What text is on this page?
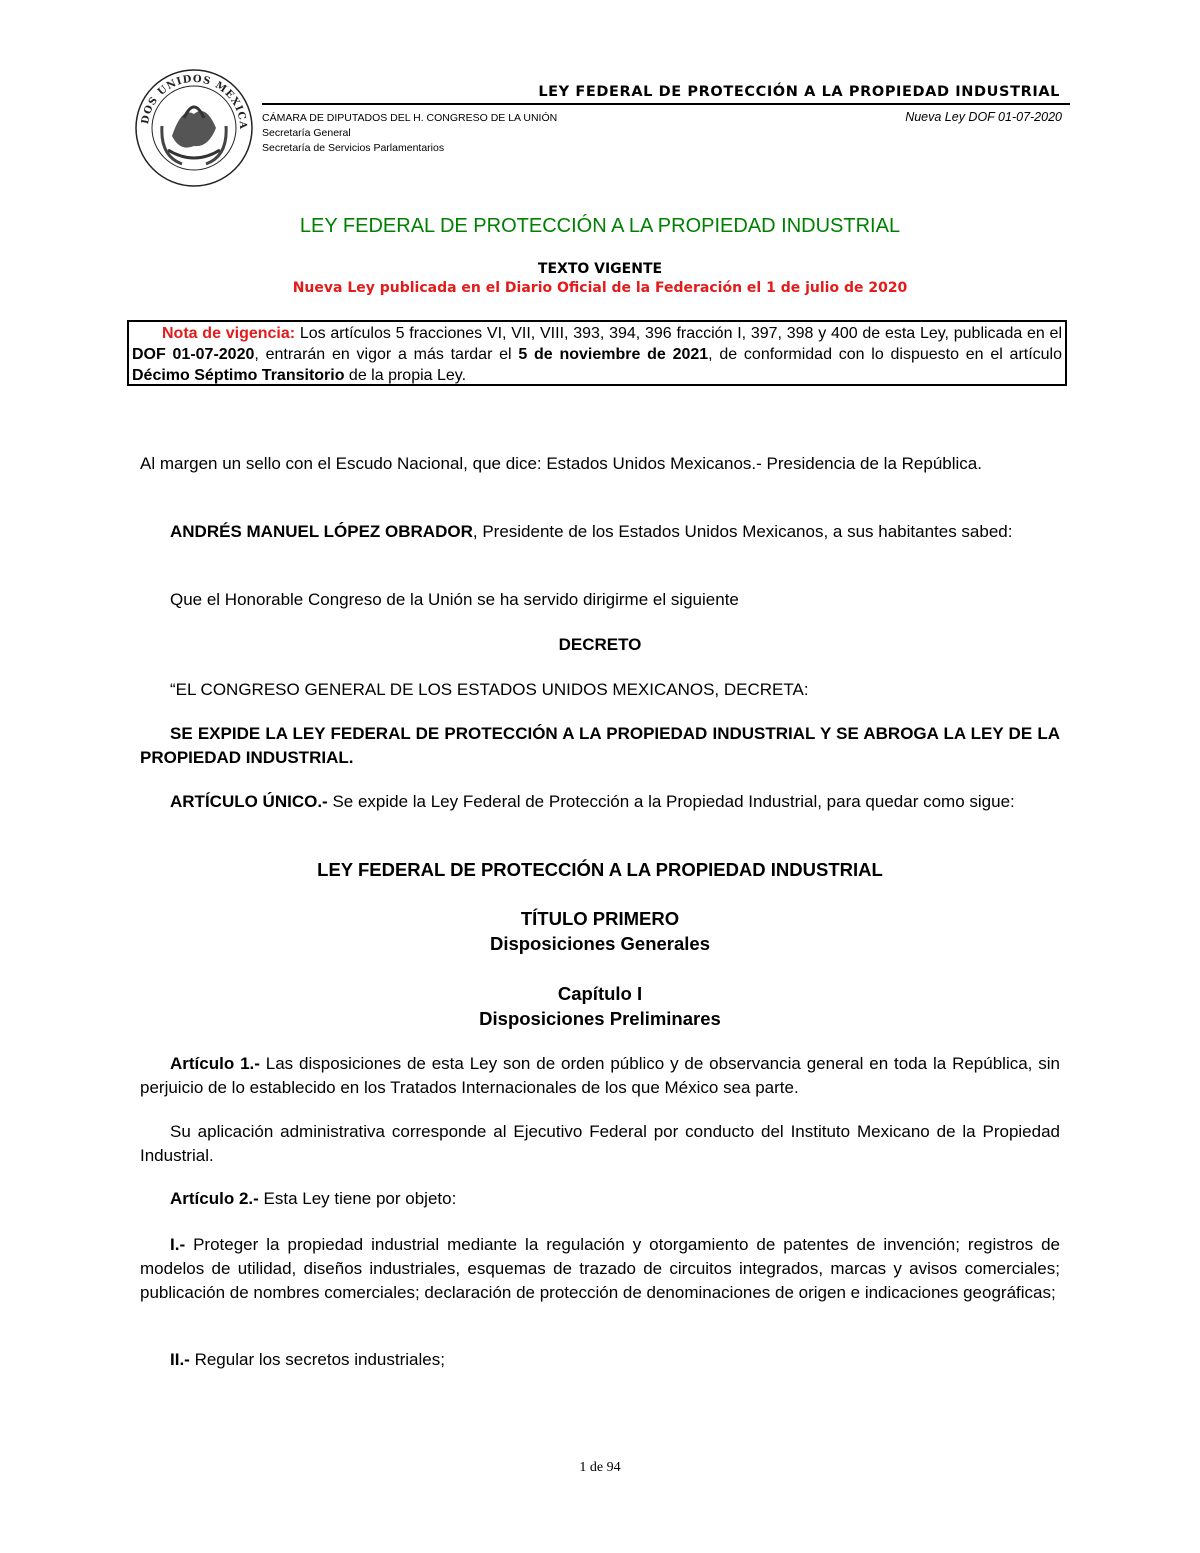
DOS UNIDOS MEXICA
LEY FEDERAL DE PROTECCIÓN A LA PROPIEDAD INDUSTRIAL
CÁMARA DE DIPUTADOS DEL H. CONGRESO DE LA UNIÓN
Secretaría General
Secretaría de Servicios Parlamentarios
Nueva Ley DOF 01-07-2020
LEY FEDERAL DE PROTECCIÓN A LA PROPIEDAD INDUSTRIAL
TEXTO VIGENTE
Nueva Ley publicada en el Diario Oficial de la Federación el 1 de julio de 2020
Nota de vigencia: Los artículos 5 fracciones VI, VII, VIII, 393, 394, 396 fracción I, 397, 398 y 400 de esta Ley, publicada en el DOF 01-07-2020, entrarán en vigor a más tardar el 5 de noviembre de 2021, de conformidad con lo dispuesto en el artículo Décimo Séptimo Transitorio de la propia Ley.
Al margen un sello con el Escudo Nacional, que dice: Estados Unidos Mexicanos.- Presidencia de la República.
ANDRÉS MANUEL LÓPEZ OBRADOR, Presidente de los Estados Unidos Mexicanos, a sus habitantes sabed:
Que el Honorable Congreso de la Unión se ha servido dirigirme el siguiente
DECRETO
“EL CONGRESO GENERAL DE LOS ESTADOS UNIDOS MEXICANOS, DECRETA:
SE EXPIDE LA LEY FEDERAL DE PROTECCIÓN A LA PROPIEDAD INDUSTRIAL Y SE ABROGA LA LEY DE LA PROPIEDAD INDUSTRIAL.
ARTÍCULO ÚNICO.- Se expide la Ley Federal de Protección a la Propiedad Industrial, para quedar como sigue:
LEY FEDERAL DE PROTECCIÓN A LA PROPIEDAD INDUSTRIAL
TÍTULO PRIMERO
Disposiciones Generales
Capítulo I
Disposiciones Preliminares
Artículo 1.- Las disposiciones de esta Ley son de orden público y de observancia general en toda la República, sin perjuicio de lo establecido en los Tratados Internacionales de los que México sea parte.
Su aplicación administrativa corresponde al Ejecutivo Federal por conducto del Instituto Mexicano de la Propiedad Industrial.
Artículo 2.- Esta Ley tiene por objeto:
I.- Proteger la propiedad industrial mediante la regulación y otorgamiento de patentes de invención; registros de modelos de utilidad, diseños industriales, esquemas de trazado de circuitos integrados, marcas y avisos comerciales; publicación de nombres comerciales; declaración de protección de denominaciones de origen e indicaciones geográficas;
II.- Regular los secretos industriales;
1 de 94
